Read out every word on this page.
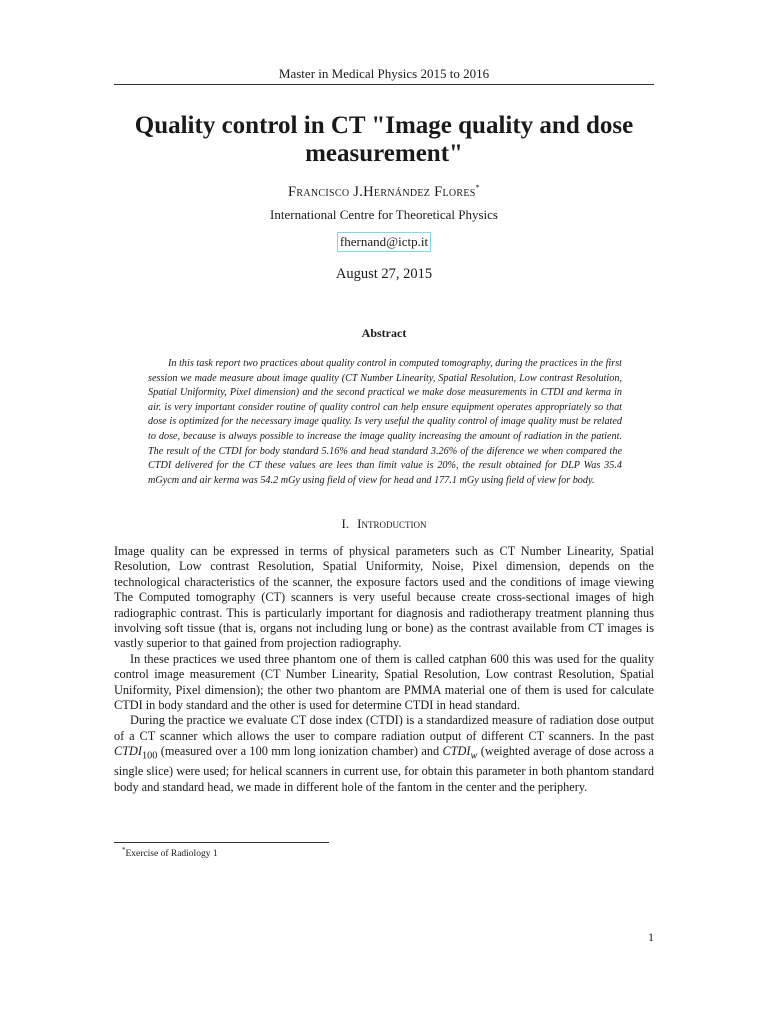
Master in Medical Physics 2015 to 2016
Quality control in CT "Image quality and dose measurement"
Francisco J.Hernández Flores*
International Centre for Theoretical Physics
fhernand@ictp.it
August 27, 2015
Abstract

In this task report two practices about quality control in computed tomography, during the practices in the first session we made measure about image quality (CT Number Linearity, Spatial Resolution, Low contrast Resolution, Spatial Uniformity, Pixel dimension) and the second practical we make dose measurements in CTDI and kerma in air. is very important consider routine of quality control can help ensure equipment operates appropriately so that dose is optimized for the necessary image quality. Is very useful the quality control of image quality must be related to dose, because is always possible to increase the image quality increasing the amount of radiation in the patient. The result of the CTDI for body standard 5.16% and head standard 3.26% of the diference we when compared the CTDI delivered for the CT these values are lees than limit value is 20%, the result obtained for DLP Was 35.4 mGycm and air kerma was 54.2 mGy using field of view for head and 177.1 mGy using field of view for body.

I. Introduction

Image quality can be expressed in terms of physical parameters such as CT Number Linearity, Spatial Resolution, Low contrast Resolution, Spatial Uniformity, Noise, Pixel dimension, depends on the technological characteristics of the scanner, the exposure factors used and the conditions of image viewing The Computed tomography (CT) scanners is very useful because create cross-sectional images of high radiographic contrast. This is particularly important for diagnosis and radiotherapy treatment planning thus involving soft tissue (that is, organs not including lung or bone) as the contrast available from CT images is vastly superior to that gained from projection radiography.

In these practices we used three phantom one of them is called catphan 600 this was used for the quality control image measurement (CT Number Linearity, Spatial Resolution, Low contrast Resolution, Spatial Uniformity, Pixel dimension); the other two phantom are PMMA material one of them is used for calculate CTDI in body standard and the other is used for determine CTDI in head standard.

During the practice we evaluate CT dose index (CTDI) is a standardized measure of radiation dose output of a CT scanner which allows the user to compare radiation output of different CT scanners. In the past $CTDI_{100}$ (measured over a 100 mm long ionization chamber) and $CTDI_w$ (weighted average of dose across a single slice) were used; for helical scanners in current use, for obtain this parameter in both phantom standard body and standard head, we made in different hole of the fantom in the center and the periphery.

*Exercise of Radiology 1
1
